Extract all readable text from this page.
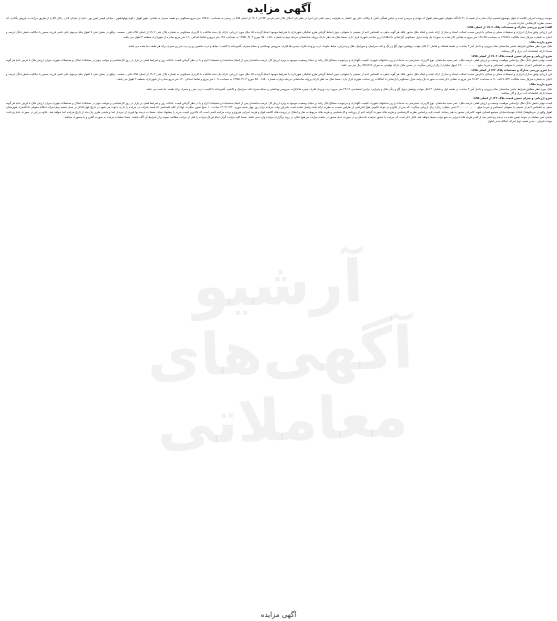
آرشیو آگهی‌های معاملاتی
آگهی مزایده

موجب پرونده اجرایی کلاسه ی فوق موضوع تقسیم ترکه صادره از شعبه ی ۲۱ دادگاه حقوقی شهرستان اهواز له مهدی و مریم و عبده و عباس همگی دلفی با وکالت علی پور افشار به طرفیت رحیم دلفی این اجرا در نظر دارد املاک پلاک ثبتی فرعی ۲۵۴ از ۱۹۰۲ از اصلی ۸۹۵ در زمینی به مساحت ۱۹۹،۵۰ متر مربع مسکونی دو طبقه مجزی به نشانی: شهر اهواز - کوی پهلوانشهر - خیابان قیصر امین پور - قبل از خیابان لادن - پلاک ۵۵ را از طریق مزایده به فروش بگذارد. که حسب نظریه کارشناس عبارت است از:

الف) شرح بررسی مدارک و مستندات پلاک ۱۹۰۲ از اصلی ۸۹۵:

این ارزیابی وفق مدارک ابرازی و تحقیقات محلی و مبنائی با فرض صحت اصالت اسناد و مدارک ارائه شده و اینکه ملک مذبور فاقد هر گونه بدهی به اشخاص اعم از حقیقی یا حقوقی، بدون لحاظ گرفتن طرح تفکیکی شهرداری یا شرایط موجود انجام گردیده لذا ملک مورد ارزیابی دارای یک سند مالکیت با کاربری مسکونی به شماره پلاک ثبتی ۱۹۰۲ از اصلی ۸۹۵ دفتر - صفحه - واقع در بخش ثبتی ۷ اهواز بنام مرحوم علی دلفی فرزند حسین با مالکیت شش دانگ عرصه و اعیان به شماره سریال سند مالکیت ۱۳۸۹۸۶ به مساحت ۱۲۸،۳۵ متر مربع به نشانی ذکر شده به صورت یک واحد منزل مسکونی آپارتمانی با امکانات زیر ساخت شهری قرار دارد. ضمنا ملک مد نظر دارای پروانه ساختمانی مرحله دوم به شماره ۹۵۰۰۱۸۵۰ مورخ ۱۳۹۵/۰۳/۰۳ به مساحت ۱۴۸ متر مربع و تقاضا احداثی ۱۶۰ متر مربع صادره از شهرداری منطقه ۳ اهواز می باشد.

شرح بازدید ملک:

ملک مورد نظر مطابق شرایط حاضر ساختمان نمای بیرونی و داخل آجر ۳ ساخت در طبقه همکف و شامل: ۳ اتاق خواب، پوشش دیوار گچ و رنگ و کف سرامیک و موزاییک، هال و پذیرایی، حیاط خلوت، درب ورودی فلزی، پنجره ها فلزی، سرویس بهداشتی و حمام مجزی، آشپزخانه با کابینت، حیاط و درب ماشین رو و درب نفر رو مجزی برای هر طبقه، بنا شده می باشد.

ضمنا دارای انشعابات آب، برق و گاز میباشد.

شرح ارزیابی و میزان تعیین قیمت پلاک ۱۹۰۲ از اصلی ۸۹۵:

قیمت نهایی شش دانگ ملک براساس موقعیت وسعت و ارزش فعلی عرصه ملک، عمر مفید ساختمان، نوع کاربری، دسترسی به خدمات و زیر ساختهای شهری، کیفیت نگهداری و مرغوبیت مصالح بکار رفته بر مبنای وضعیت موجود به ویژه ارزش کل عرصه ساختمان پس از انجام محاسبات و تحقیقات لازم و با در نظر گرفتن قیمت عادلانه روز و شرایط فعلی بر بازار در روز کارشناسی و جوانب موثر در معاملات املاک و مستغلات شهری میزان ارزش ملک با فرض عدم هر گونه بدهی به اشخاص اعم از حقیقی یا حقوقی (مستاجر و غیره) مبلغ ۲۶،۰۰۰،۰۰۰،۰۰۰ (چهل میلیارد) ریال ارزیابی میگردد. در ضمن ملک دارای توقیفی به میزان ۹۹۶/۶۶۶ ریال نیز می باشد.

ب) شرح بررسی مدارک و مستندات پلاک ۱۳۲ از اصلی ۸۹۵:

این ارزیابی وفق مدارک ابرازی و تحقیقات محلی و مبنائی با فرض صحت اصالت اسناد و مدارک ارائه شده و اینکه ملک مذبور فاقد هر گونه بدهی به اشخاص اعم از حقیقی یا حقوقی، بدون لحاظ گرفتن طرح تفکیکی شهرداری یا شرایط موجود انجام گردیده لذا ملک مورد ارزیابی دارای یک سند مالکیت با کاربری مسکونی به شماره پلاک ثبتی ۱۹۰۲ از اصلی ۸۹۵ دفتر - صفحه - واقع در بخش ثبتی ۷ اهواز بنام مرحوم علی دلفی فرزند حسین با مالکیت شش دانگ عرصه و اعیان به شماره سریال سند مالکیت ۹۰۵۳۲ الف ۹۰ به مساحت ۹۱،۷۲ متر مربع به نشانی ذکر شده به صورت یک واحد منزل مسکونی آپارتمانی با امکانات زیر ساخت شهری قرار دارد. ضمنا ملک مد نظر دارای پروانه ساختمانی مرحله دوم به شماره ۹۵۰۰۱۸۵۰ مورخ ۱۳۹۵/۰۳/۰۳ به مساحت ۱۰۹ متر مربع و تقاضا احداثی ۱۳۰ متر مربع صادره از شهرداری منطقه ۳ اهواز می باشد.

شرح بازدید ملک:

ملک مورد نظر مطابق شرایط حاضر ساختمان نمای بیرونی و داخل آجر ۳ ساخت در طبقه اول و شامل: ۳ اتاق خواب، پوشش دیوار گچ و رنگ، هال و پذیرایی، تراس اختصاصی ۲۴،۶۶ متر مربع، درب ورودی فلزی، پنجره ها فلزی، سرویس بهداشتی و حمام مجزی کف سرامیک و کاشی، آشپزخانه با کابینت، درب نفر رو مجزی برای طبقه، بنا شده می باشد.

ضمنا دارای انشعابات آب، برق و گاز میباشد.

شرح ارزیابی و میزان تعیین قیمت پلاک ۱۳۲ از اصلی ۸۹۵:

قیمت نهایی شش دانگ ملک براساس موقعیت وسعت و ارزش فعلی عرصه ملک، عمر مفید ساختمان، نوع کاربری، دسترسی به خدمات و زیر ساختهای شهری، کیفیت نگهداری و مرغوبیت مصالح بکار رفته بر مبنای وضعیت موجود به ویژه ارزش کل عرصه ساختمان پس از انجام محاسبات و تحقیقات لازم و با در نظر گرفتن قیمت عادلانه روز و شرایط فعلی بر بازار در روز کارشناسی و جوانب موثر در معاملات املاک و مستغلات شهری میزان ارزش ملک با فرض عدم هر گونه بدهی به اشخاص اعم از حقیقی یا حقوقی (مستاجر و غیره) مبلغ ۳۰،۰۰۰،۰۰۰،۰۰۰ (سی میلیارد ریال) ریال ارزیابی میگردد. که پس از ابلاغ و در موعد قانونی هیچ اعتراضی از طرفین نسبت به نظریه ارائه شده واصل نشده است بنابراین وقت مزایده برای روز چهار شنبه مورخ ۱۴۰۳/۰۳/۳۰ ساعت ۱۰ صبح تعیین میگردد. لهذا از کلیه اشخاصی که قصد شرکت در مزایده را دارند دعوت می شود در تاریخ فوق الذکر در محل شعبه دوم اجرای احکام حقوقی دادگستری شهرستان اهواز واقع در خرمکوشک ابتدای نیوسایدخیابان مجتمع قضایی شهید کامرانی حضور به هم رسانند. قیمت پایه براساس نظریه کارشناسی و هزینه های صورت گرفته اعم از روزنامه و کارشناسی و هزینه های مربوط به نقل و انتقال در پرونده های کلاسه فوق و هزینه اجرایی شروع و برنده مزایده کسی است که بالاترین قیمت خرید را پیشنهاد نماید. ضمنا ده درصد بها فوری از خریدار اخذ و مابقی ظرف یک ماه از تاریخ مزایده اخذ خواهد شد. علاوه بر این در صورت عدم پرداخت مابقی ثمن معامله در موعد تعیین شده ده درصد پرداختی بعد از کسر هزینه های اجرایی به نفع دولت ضبط خواهد شد. قابل ذکر است که مزایده با حضور نماینده دادستان و در صورت عدم حضور در جلسه مزایده نیز هیچ خللی در روند برگزاری مزایده وارد نمی باشد. ضمنا کلیه مزایده گران تمام اوراق مزایده را قبل از مزایده مطالعه نموده و از شرایط آن آگاه باشند. ضمنا عملیات مزایده به صورت آنلاین و یا حضوری میباشد.

مهدی شرفی - مدیر شعبه دوم اجرای احکام مدنی اهواز

آگهی مزایده
